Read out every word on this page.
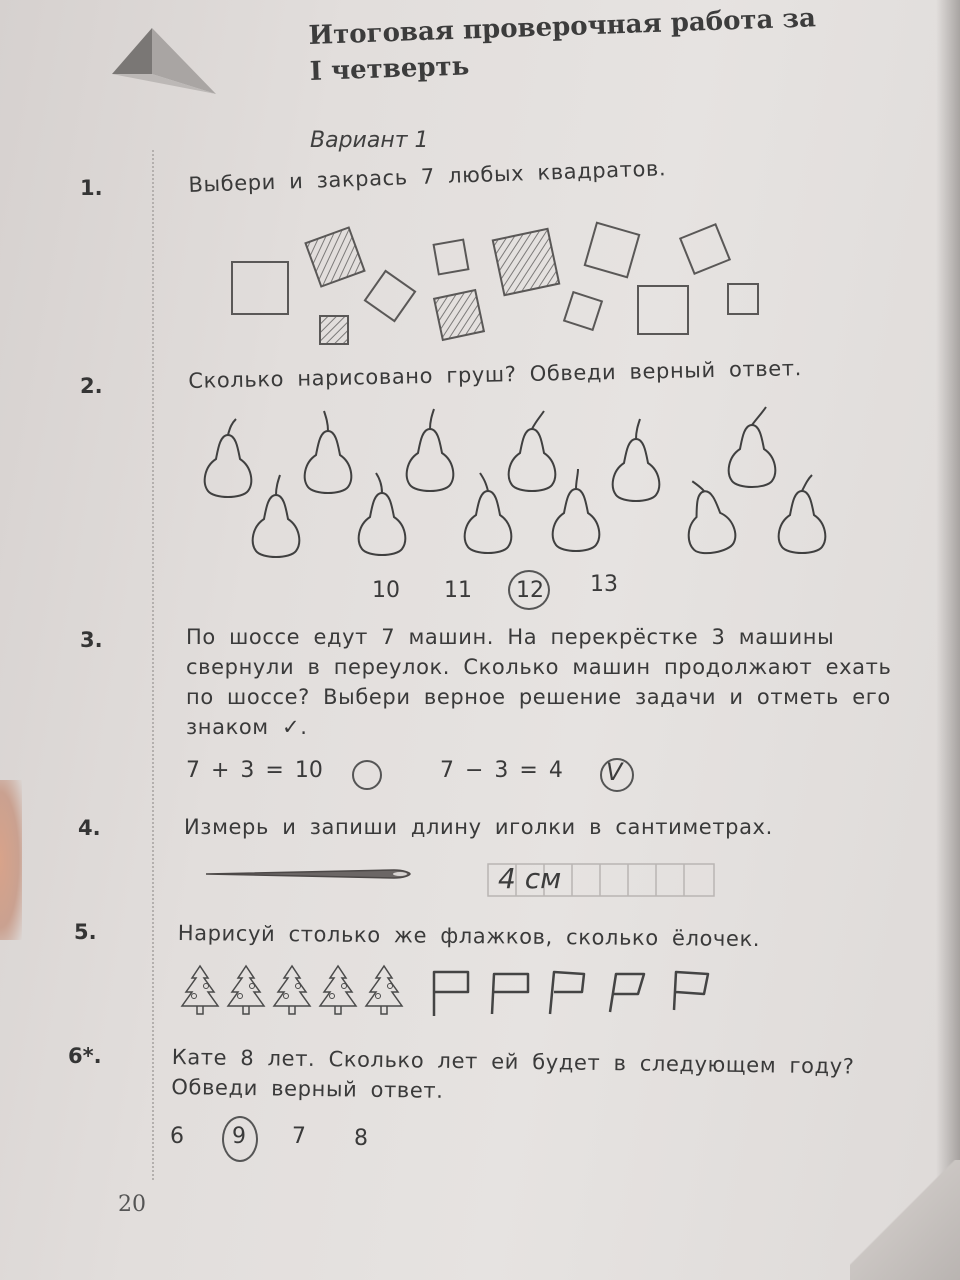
Итоговая проверочная работа за I четверть
Вариант 1
1.	Выбери и закрась 7 любых квадратов.
2.	Сколько нарисовано груш? Обведи верный ответ.
10 11 12 13
3.	По шоссе едут 7 машин. На перекрёстке 3 машины свернули в переулок. Сколько машин продолжают ехать по шоссе? Выбери верное решение задачи и отметь его знаком ✓.
7 + 3 = 10	7 − 3 = 4 V
4.	Измерь и запиши длину иголки в сантиметрах.
4 см
5.	Нарисуй столько же флажков, сколько ёлочек.
6*.	Кате 8 лет. Сколько лет ей будет в следующем году? Обведи верный ответ.
6 9 7 8
20
